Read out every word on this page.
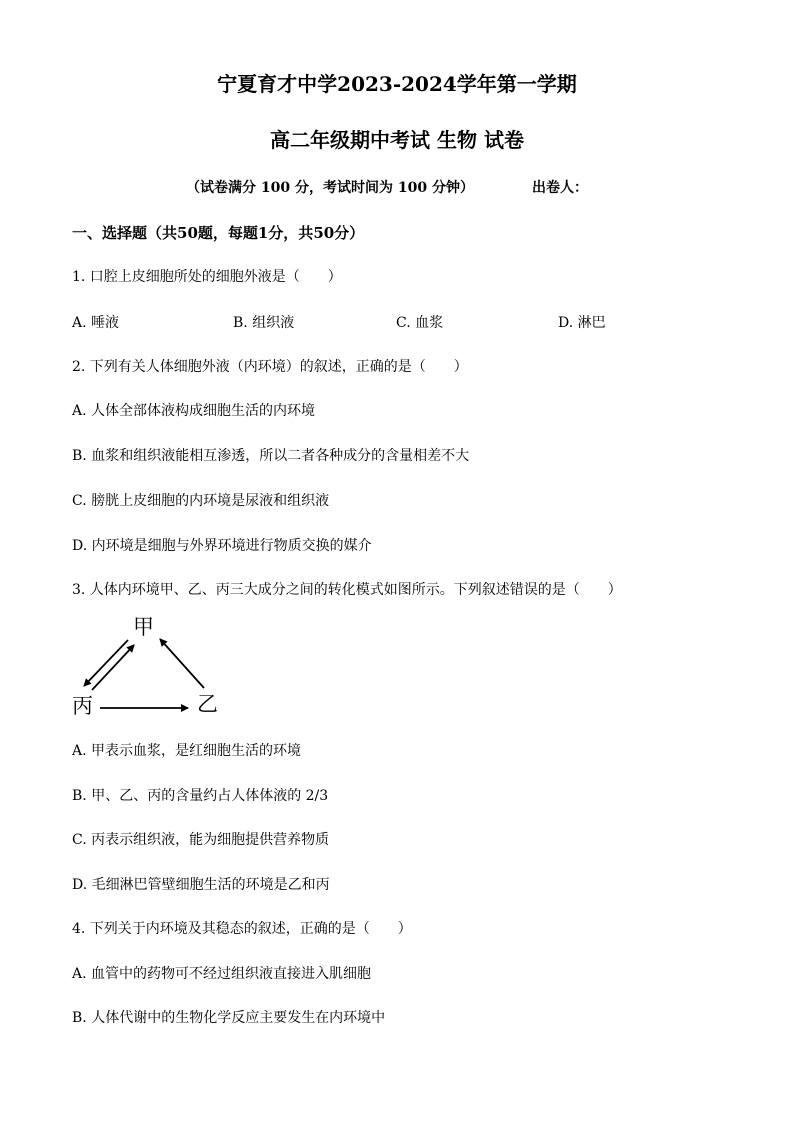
宁夏育才中学2023-2024学年第一学期
高二年级期中考试 生物 试卷
（试卷满分 100 分，考试时间为 100 分钟）	出卷人：
一、选择题（共50题，每题1分，共50分）
1. 口腔上皮细胞所处的细胞外液是（　　）
A. 唾液	B. 组织液	C. 血浆	D. 淋巴
2. 下列有关人体细胞外液（内环境）的叙述，正确的是（　　）
A. 人体全部体液构成细胞生活的内环境
B. 血浆和组织液能相互渗透，所以二者各种成分的含量相差不大
C. 膀胱上皮细胞的内环境是尿液和组织液
D. 内环境是细胞与外界环境进行物质交换的媒介
3. 人体内环境甲、乙、丙三大成分之间的转化模式如图所示。下列叙述错误的是（　　）
甲
丙	乙
A. 甲表示血浆，是红细胞生活的环境
B. 甲、乙、丙的含量约占人体体液的 2/3
C. 丙表示组织液，能为细胞提供营养物质
D. 毛细淋巴管壁细胞生活的环境是乙和丙
4. 下列关于内环境及其稳态的叙述，正确的是（　　）
A. 血管中的药物可不经过组织液直接进入肌细胞
B. 人体代谢中的生物化学反应主要发生在内环境中
